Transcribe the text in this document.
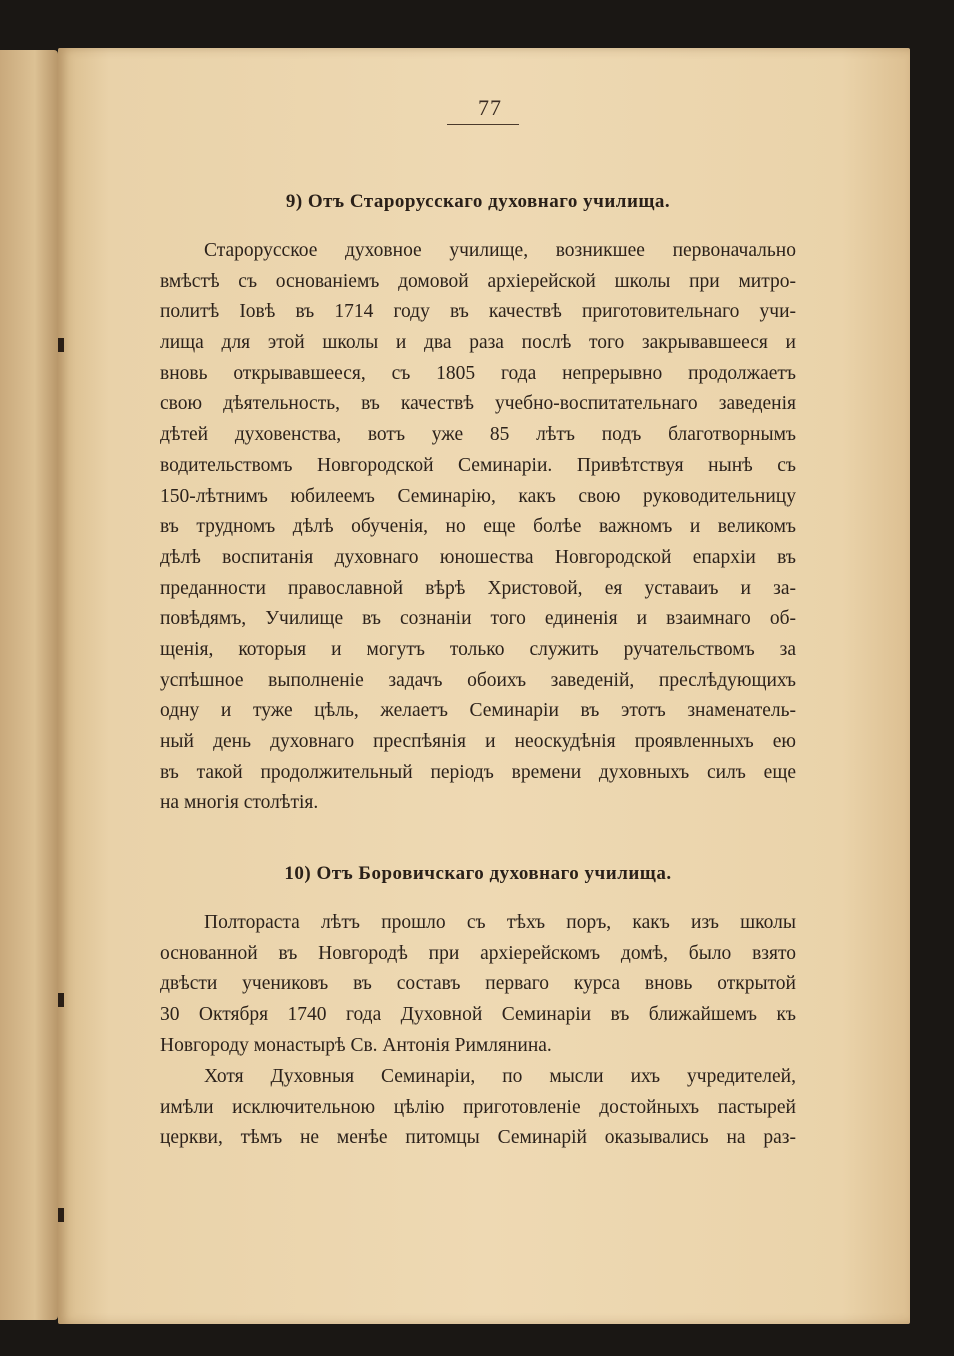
77
9) Отъ Старорусскаго духовнаго училища.
Старорусское духовное училище, возникшее первоначально
вмѣстѣ съ основаніемъ домовой архіерейской школы при митро-
политѣ Іовѣ въ 1714 году въ качествѣ приготовительнаго учи-
лища для этой школы и два раза послѣ того закрывавшееся и
вновь открывавшееся, съ 1805 года непрерывно продолжаетъ
свою дѣятельность, въ качествѣ учебно-воспитательнаго заведенія
дѣтей духовенства, вотъ уже 85 лѣтъ подъ благотворнымъ
водительствомъ Новгородской Семинаріи. Привѣтствуя нынѣ съ
150-лѣтнимъ юбилеемъ Семинарію, какъ свою руководительницу
въ трудномъ дѣлѣ обученія, но еще болѣе важномъ и великомъ
дѣлѣ воспитанія духовнаго юношества Новгородской епархіи въ
преданности православной вѣрѣ Христовой, ея уставаиъ и за-
повѣдямъ, Училище въ сознаніи того единенія и взаимнаго об-
щенія, которыя и могутъ только служить ручательствомъ за
успѣшное выполненіе задачъ обоихъ заведеній, преслѣдующихъ
одну и туже цѣль, желаетъ Семинаріи въ этотъ знаменатель-
ный день духовнаго преспѣянія и неоскудѣнія проявленныхъ ею
въ такой продолжительный періодъ времени духовныхъ силъ еще
на многія столѣтія.
10) Отъ Боровичскаго духовнаго училища.
Полтораста лѣтъ прошло съ тѣхъ поръ, какъ изъ школы
основанной въ Новгородѣ при архіерейскомъ домѣ, было взято
двѣсти учениковъ въ составъ перваго курса вновь открытой
30 Октября 1740 года Духовной Семинаріи въ ближайшемъ къ
Новгороду монастырѣ Св. Антонія Римлянина.
Хотя Духовныя Семинаріи, по мысли ихъ учредителей,
имѣли исключительною цѣлію приготовленіе достойныхъ пастырей
церкви, тѣмъ не менѣе питомцы Семинарій оказывались на раз-
